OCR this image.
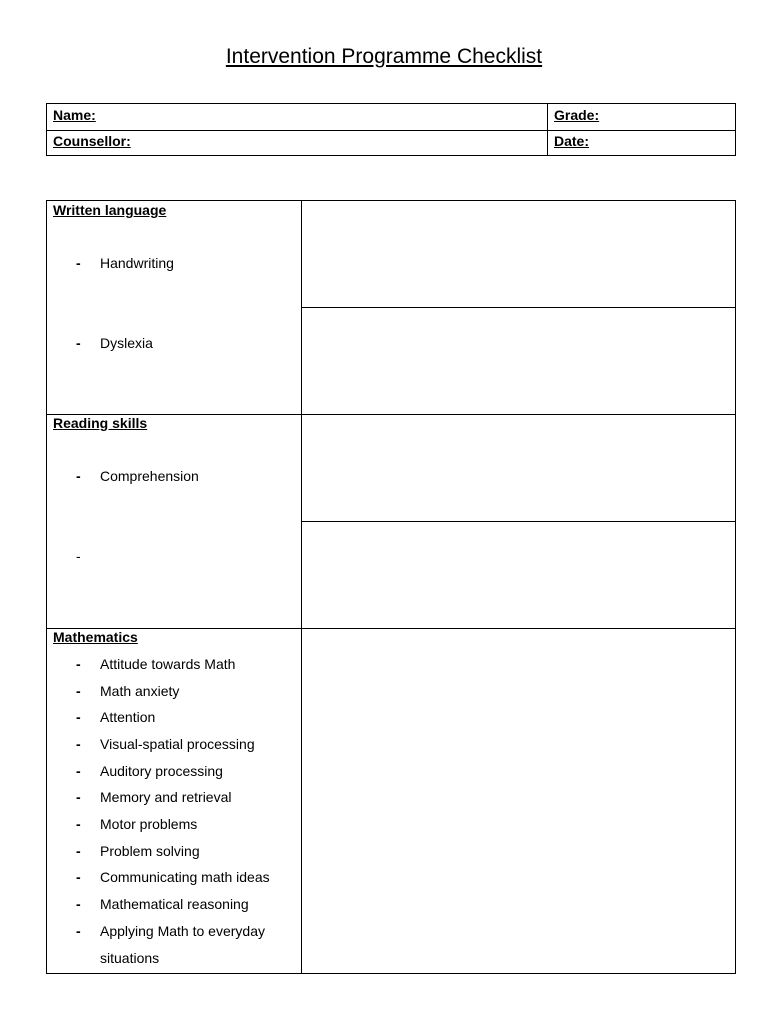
Intervention Programme Checklist
Name:	Grade:
Counsellor:	Date:
Written language
- Handwriting
- Dyslexia
Reading skills
- Comprehension
-
Mathematics
- Attitude towards Math
- Math anxiety
- Attention
- Visual-spatial processing
- Auditory processing
- Memory and retrieval
- Motor problems
- Problem solving
- Communicating math ideas
- Mathematical reasoning
- Applying Math to everyday
situations
